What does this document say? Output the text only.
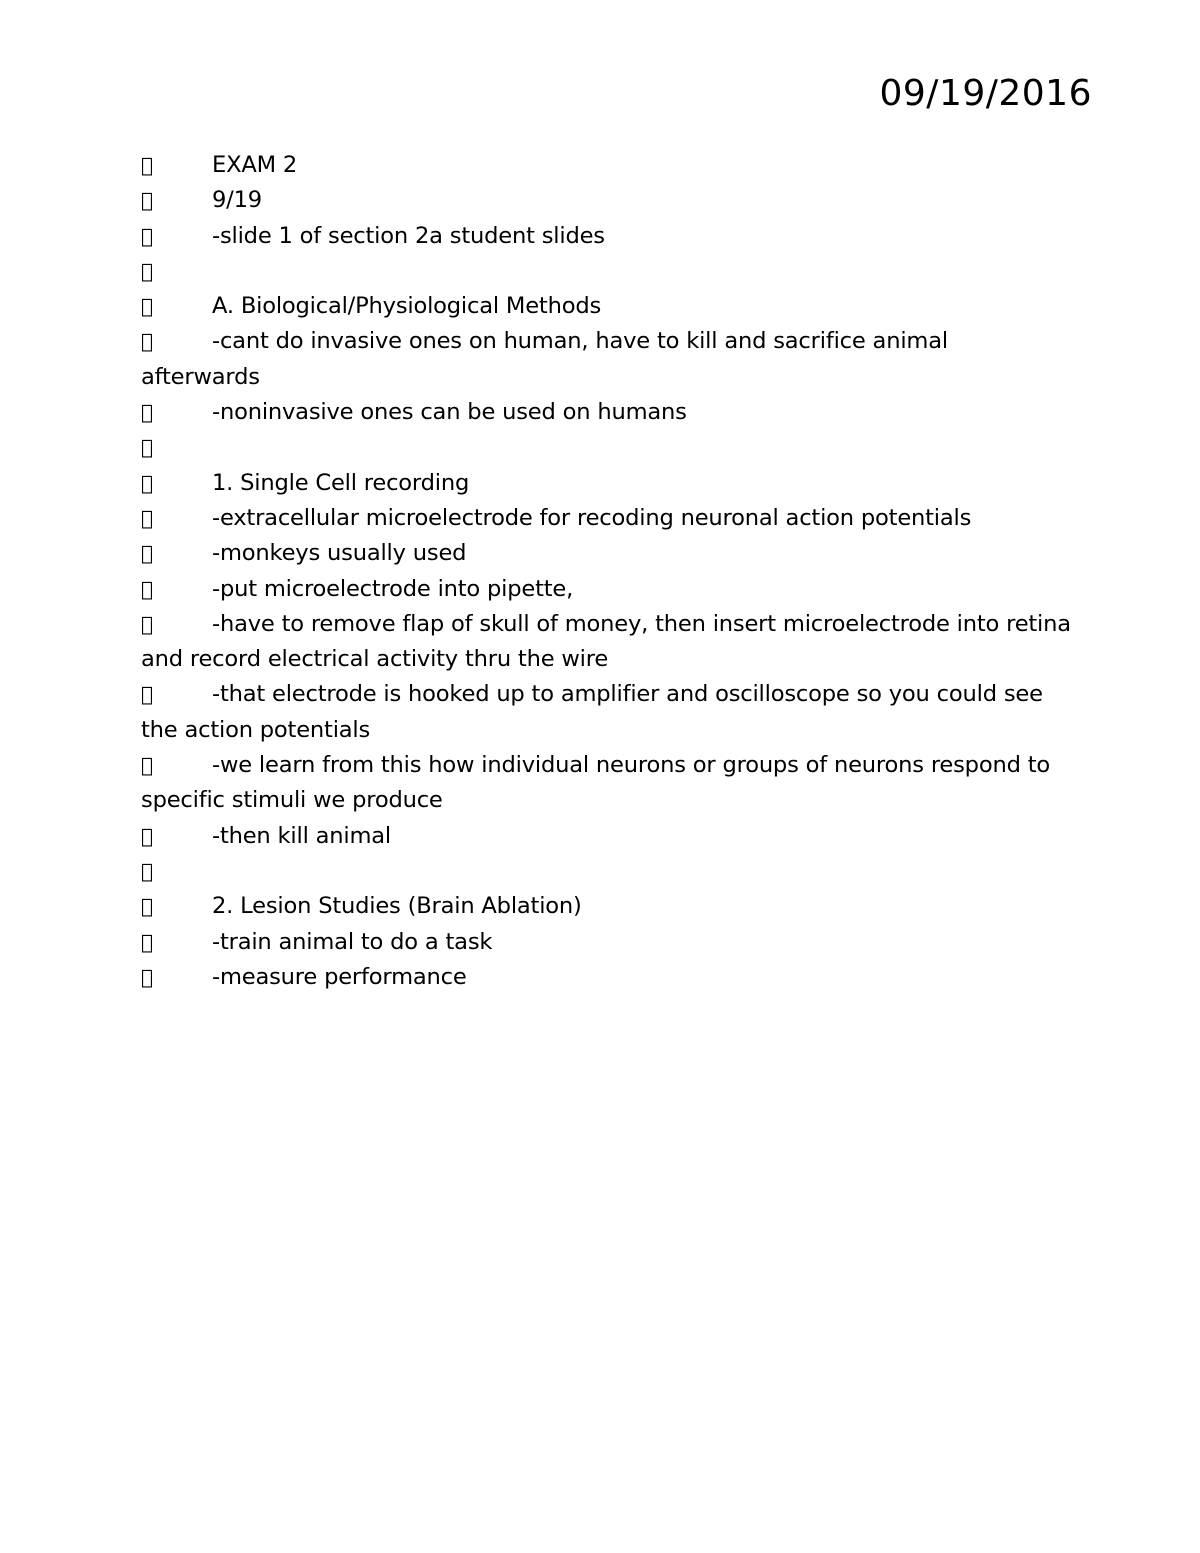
09/19/2016
EXAM 2
9/19
-slide 1 of section 2a student slides
A. Biological/Physiological Methods
-cant do invasive ones on human, have to kill and sacrifice animal afterwards
-noninvasive ones can be used on humans
1. Single Cell recording
-extracellular microelectrode for recoding neuronal action potentials
-monkeys usually used
-put microelectrode into pipette,
-have to remove flap of skull of money, then insert microelectrode into retina and record electrical activity thru the wire
-that electrode is hooked up to amplifier and oscilloscope so you could see the action potentials
-we learn from this how individual neurons or groups of neurons respond to specific stimuli we produce
-then kill animal
2. Lesion Studies (Brain Ablation)
-train animal to do a task
-measure performance
